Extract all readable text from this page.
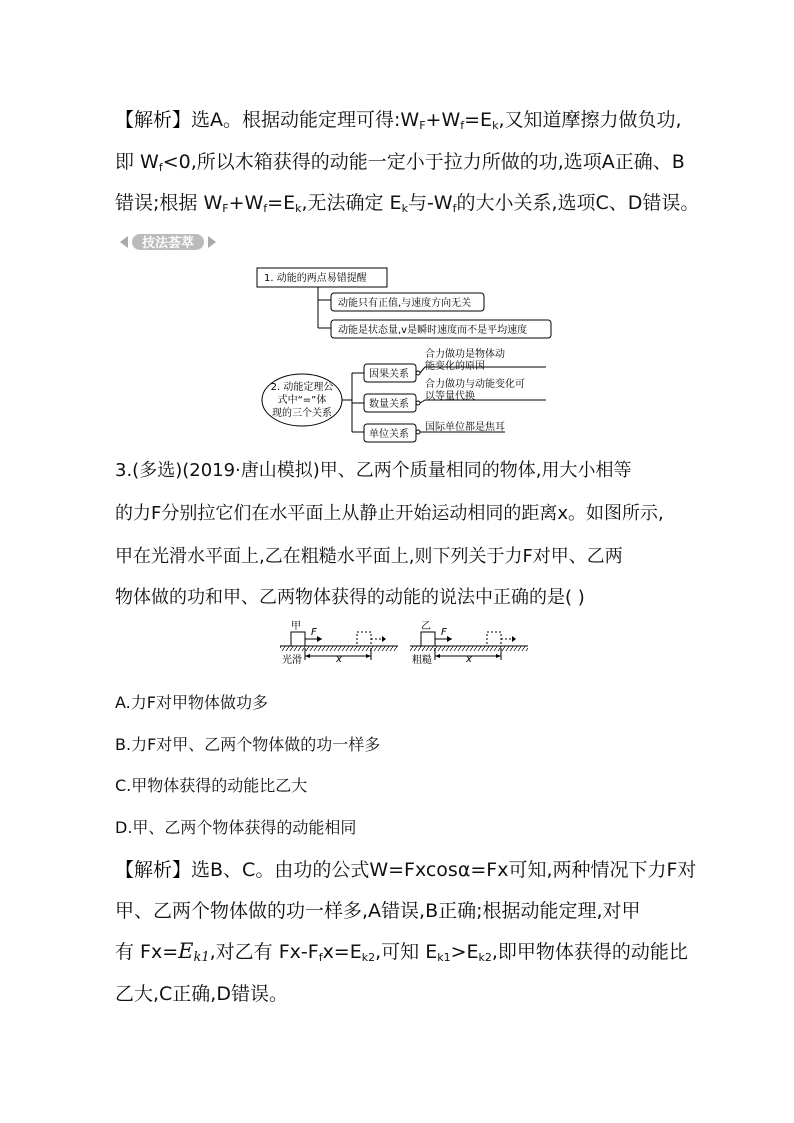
【解析】选A。根据动能定理可得$:W_F+W_f=E_k$,又知道摩擦力做负功,
即 $W_f<0$,所以木箱获得的动能一定小于拉力所做的功,选项A正确、B
错误;根据 $W_F+W_f=E_k$,无法确定 $E_k$与$-W_f$的大小关系,选项C、D错误。
技法荟萃
1. 动能的两点易错提醒
动能只有正值,与速度方向无关
动能是状态量,v是瞬时速度而不是平均速度
2. 动能定理公
式中“=”体
现的三个关系
因果关系
数量关系
单位关系
合力做功是物体动
能变化的原因
合力做功与动能变化可
以等量代换
国际单位都是焦耳
甲
F
光滑	x
乙
F
粗糙	x
3.(多选)(2019·唐山模拟)甲、乙两个质量相同的物体,用大小相等
的力F分别拉它们在水平面上从静止开始运动相同的距离x。如图所示,
甲在光滑水平面上,乙在粗糙水平面上,则下列关于力F对甲、乙两
物体做的功和甲、乙两物体获得的动能的说法中正确的是( )
A.力F对甲物体做功多
B.力F对甲、乙两个物体做的功一样多
C.甲物体获得的动能比乙大
D.甲、乙两个物体获得的动能相同
【解析】选B、C。由功的公式W=Fxcosα=Fx可知,两种情况下力F对
甲、乙两个物体做的功一样多,A错误,B正确;根据动能定理,对甲
有 $Fx=E_{k1}$,对乙有 $Fx-F_fx=E_{k2}$,可知 $E_{k1}>E_{k2}$,即甲物体获得的动能比
乙大,C正确,D错误。
